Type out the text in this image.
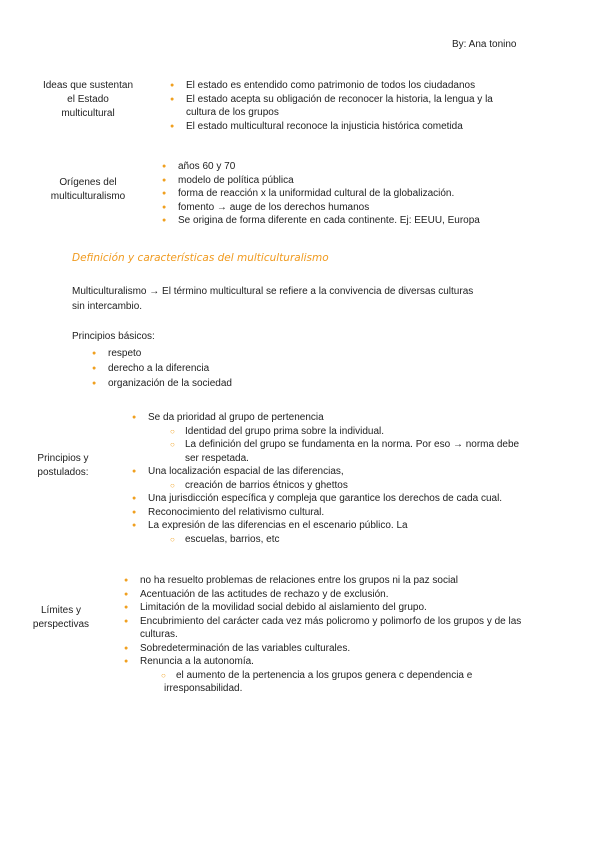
By: Ana tonino
Ideas que sustentan
el Estado
multicultural
● El estado es entendido como patrimonio de todos los ciudadanos
● El estado acepta su obligación de reconocer la historia, la lengua y la
cultura de los grupos
● El estado multicultural reconoce la injusticia histórica cometida
Orígenes del
multiculturalismo
● años 60 y 70
● modelo de política pública
● forma de reacción x la uniformidad cultural de la globalización.
● fomento → auge de los derechos humanos
● Se origina de forma diferente en cada continente. Ej: EEUU, Europa
Definición y características del multiculturalismo
Multiculturalismo → El término multicultural se refiere a la convivencia de diversas culturas
sin intercambio.
Principios básicos:
● respeto
● derecho a la diferencia
● organización de la sociedad
Principios y
postulados:
● Se da prioridad al grupo de pertenencia
○ Identidad del grupo prima sobre la individual.
○ La definición del grupo se fundamenta en la norma. Por eso → norma debe
ser respetada.
● Una localización espacial de las diferencias,
○ creación de barrios étnicos y ghettos
● Una jurisdicción específica y compleja que garantice los derechos de cada cual.
● Reconocimiento del relativismo cultural.
● La expresión de las diferencias en el escenario público. La
○ escuelas, barrios, etc
Límites y
perspectivas
● no ha resuelto problemas de relaciones entre los grupos ni la paz social
● Acentuación de las actitudes de rechazo y de exclusión.
● Limitación de la movilidad social debido al aislamiento del grupo.
● Encubrimiento del carácter cada vez más policromo y polimorfo de los grupos y de las
culturas.
● Sobredeterminación de las variables culturales.
● Renuncia a la autonomía.
○ el aumento de la pertenencia a los grupos genera c dependencia e
irresponsabilidad.
